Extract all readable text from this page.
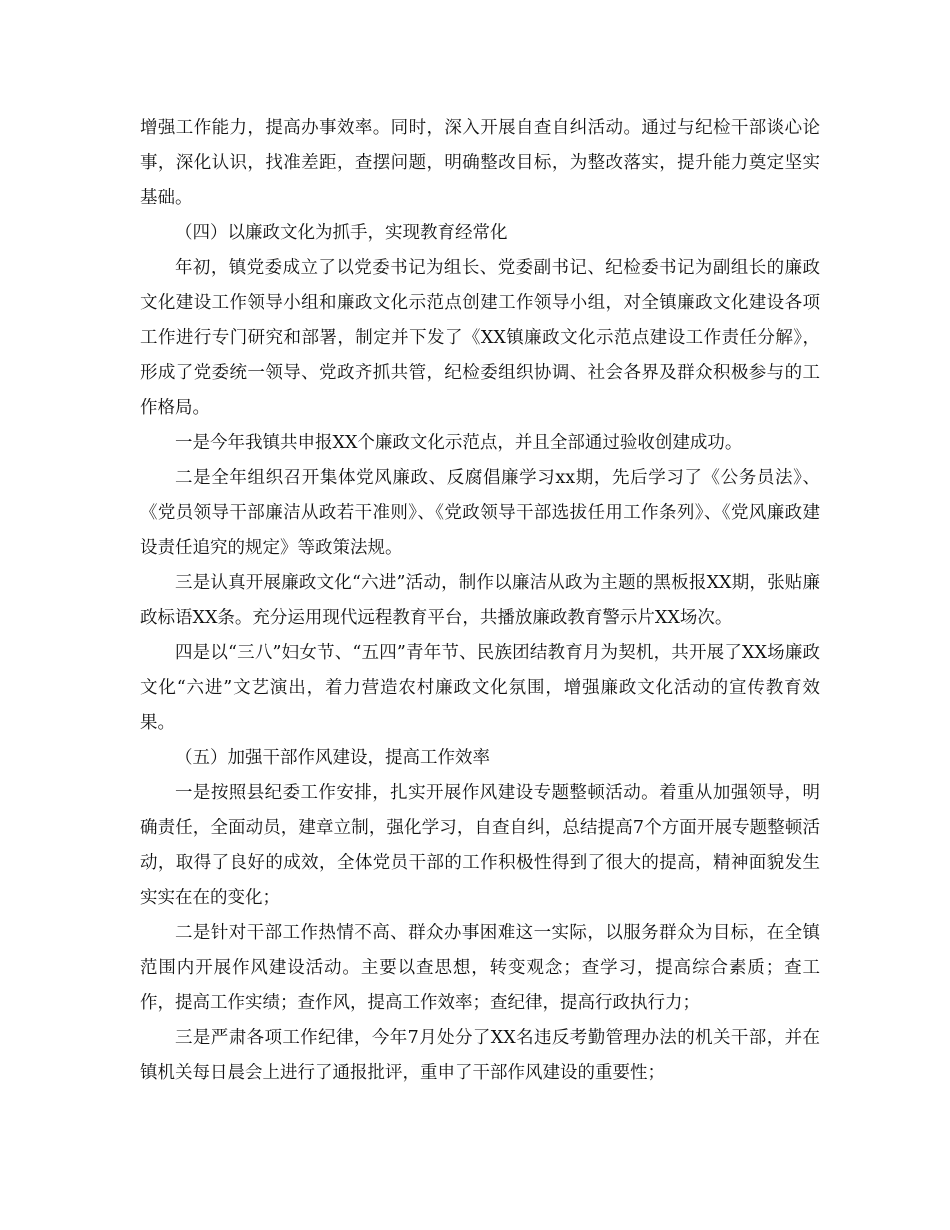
增强工作能力，提高办事效率。同时，深入开展自查自纠活动。通过与纪检干部谈心论事，深化认识，找准差距，查摆问题，明确整改目标，为整改落实，提升能力奠定坚实基础。

（四）以廉政文化为抓手，实现教育经常化

年初，镇党委成立了以党委书记为组长、党委副书记、纪检委书记为副组长的廉政文化建设工作领导小组和廉政文化示范点创建工作领导小组，对全镇廉政文化建设各项工作进行专门研究和部署，制定并下发了《XX镇廉政文化示范点建设工作责任分解》，形成了党委统一领导、党政齐抓共管，纪检委组织协调、社会各界及群众积极参与的工作格局。

一是今年我镇共申报XX个廉政文化示范点，并且全部通过验收创建成功。

二是全年组织召开集体党风廉政、反腐倡廉学习xx期，先后学习了《公务员法》、《党员领导干部廉洁从政若干准则》、《党政领导干部选拔任用工作条列》、《党风廉政建设责任追究的规定》等政策法规。

三是认真开展廉政文化“六进”活动，制作以廉洁从政为主题的黑板报XX期，张贴廉政标语XX条。充分运用现代远程教育平台，共播放廉政教育警示片XX场次。

四是以“三八”妇女节、“五四”青年节、民族团结教育月为契机，共开展了XX场廉政文化“六进”文艺演出，着力营造农村廉政文化氛围，增强廉政文化活动的宣传教育效果。

（五）加强干部作风建设，提高工作效率

一是按照县纪委工作安排，扎实开展作风建设专题整顿活动。着重从加强领导，明确责任，全面动员，建章立制，强化学习，自查自纠，总结提高7个方面开展专题整顿活动，取得了良好的成效，全体党员干部的工作积极性得到了很大的提高，精神面貌发生实实在在的变化；

二是针对干部工作热情不高、群众办事困难这一实际，以服务群众为目标，在全镇范围内开展作风建设活动。主要以查思想，转变观念；查学习，提高综合素质；查工作，提高工作实绩；查作风，提高工作效率；查纪律，提高行政执行力；

三是严肃各项工作纪律，今年7月处分了XX名违反考勤管理办法的机关干部，并在镇机关每日晨会上进行了通报批评，重申了干部作风建设的重要性；
